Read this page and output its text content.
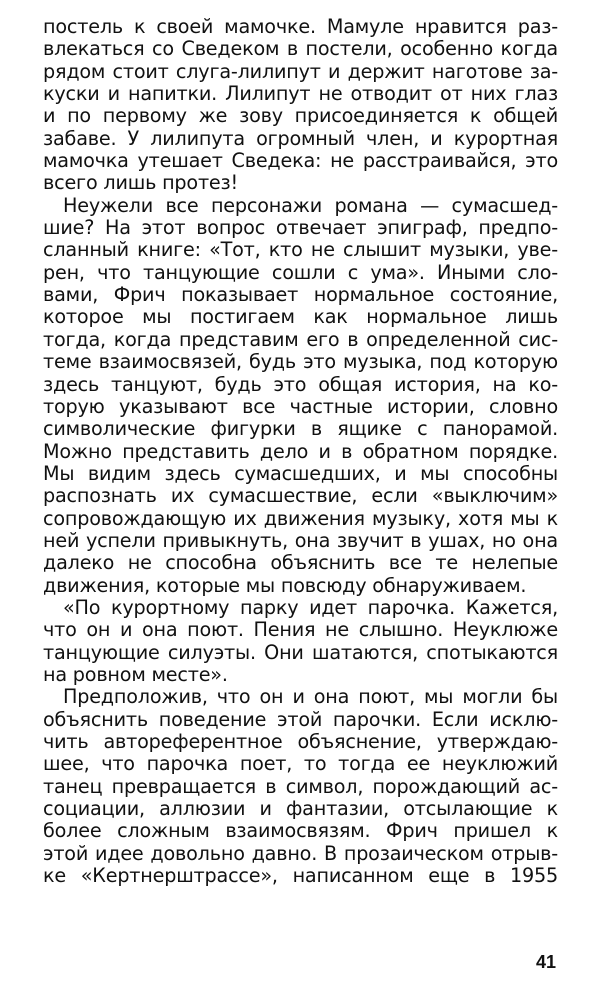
постель к своей мамочке. Мамуле нравится раз-
влекаться со Сведеком в постели, особенно когда
рядом стоит слуга-лилипут и держит наготове за-
куски и напитки. Лилипут не отводит от них глаз
и по первому же зову присоединяется к общей
забаве. У лилипута огромный член, и курортная
мамочка утешает Сведека: не расстраивайся, это
всего лишь протез!
Неужели все персонажи романа — сумасшед-
шие? На этот вопрос отвечает эпиграф, предпо-
сланный книге: «Тот, кто не слышит музыки, уве-
рен, что танцующие сошли с ума». Иными сло-
вами, Фрич показывает нормальное состояние,
которое мы постигаем как нормальное лишь
тогда, когда представим его в определенной сис-
теме взаимосвязей, будь это музыка, под которую
здесь танцуют, будь это общая история, на ко-
торую указывают все частные истории, словно
символические фигурки в ящике с панорамой.
Можно представить дело и в обратном порядке.
Мы видим здесь сумасшедших, и мы способны
распознать их сумасшествие, если «выключим»
сопровождающую их движения музыку, хотя мы к
ней успели привыкнуть, она звучит в ушах, но она
далеко не способна объяснить все те нелепые
движения, которые мы повсюду обнаруживаем.
«По курортному парку идет парочка. Кажется,
что он и она поют. Пения не слышно. Неуклюже
танцующие силуэты. Они шатаются, спотыкаются
на ровном месте».
Предположив, что он и она поют, мы могли бы
объяснить поведение этой парочки. Если исклю-
чить автореферентное объяснение, утверждаю-
шее, что парочка поет, то тогда ее неуклюжий
танец превращается в символ, порождающий ас-
социации, аллюзии и фантазии, отсылающие к
более сложным взаимосвязям. Фрич пришел к
этой идее довольно давно. В прозаическом отрыв-
ке «Кертнерштрассе», написанном еще в 1955
41
